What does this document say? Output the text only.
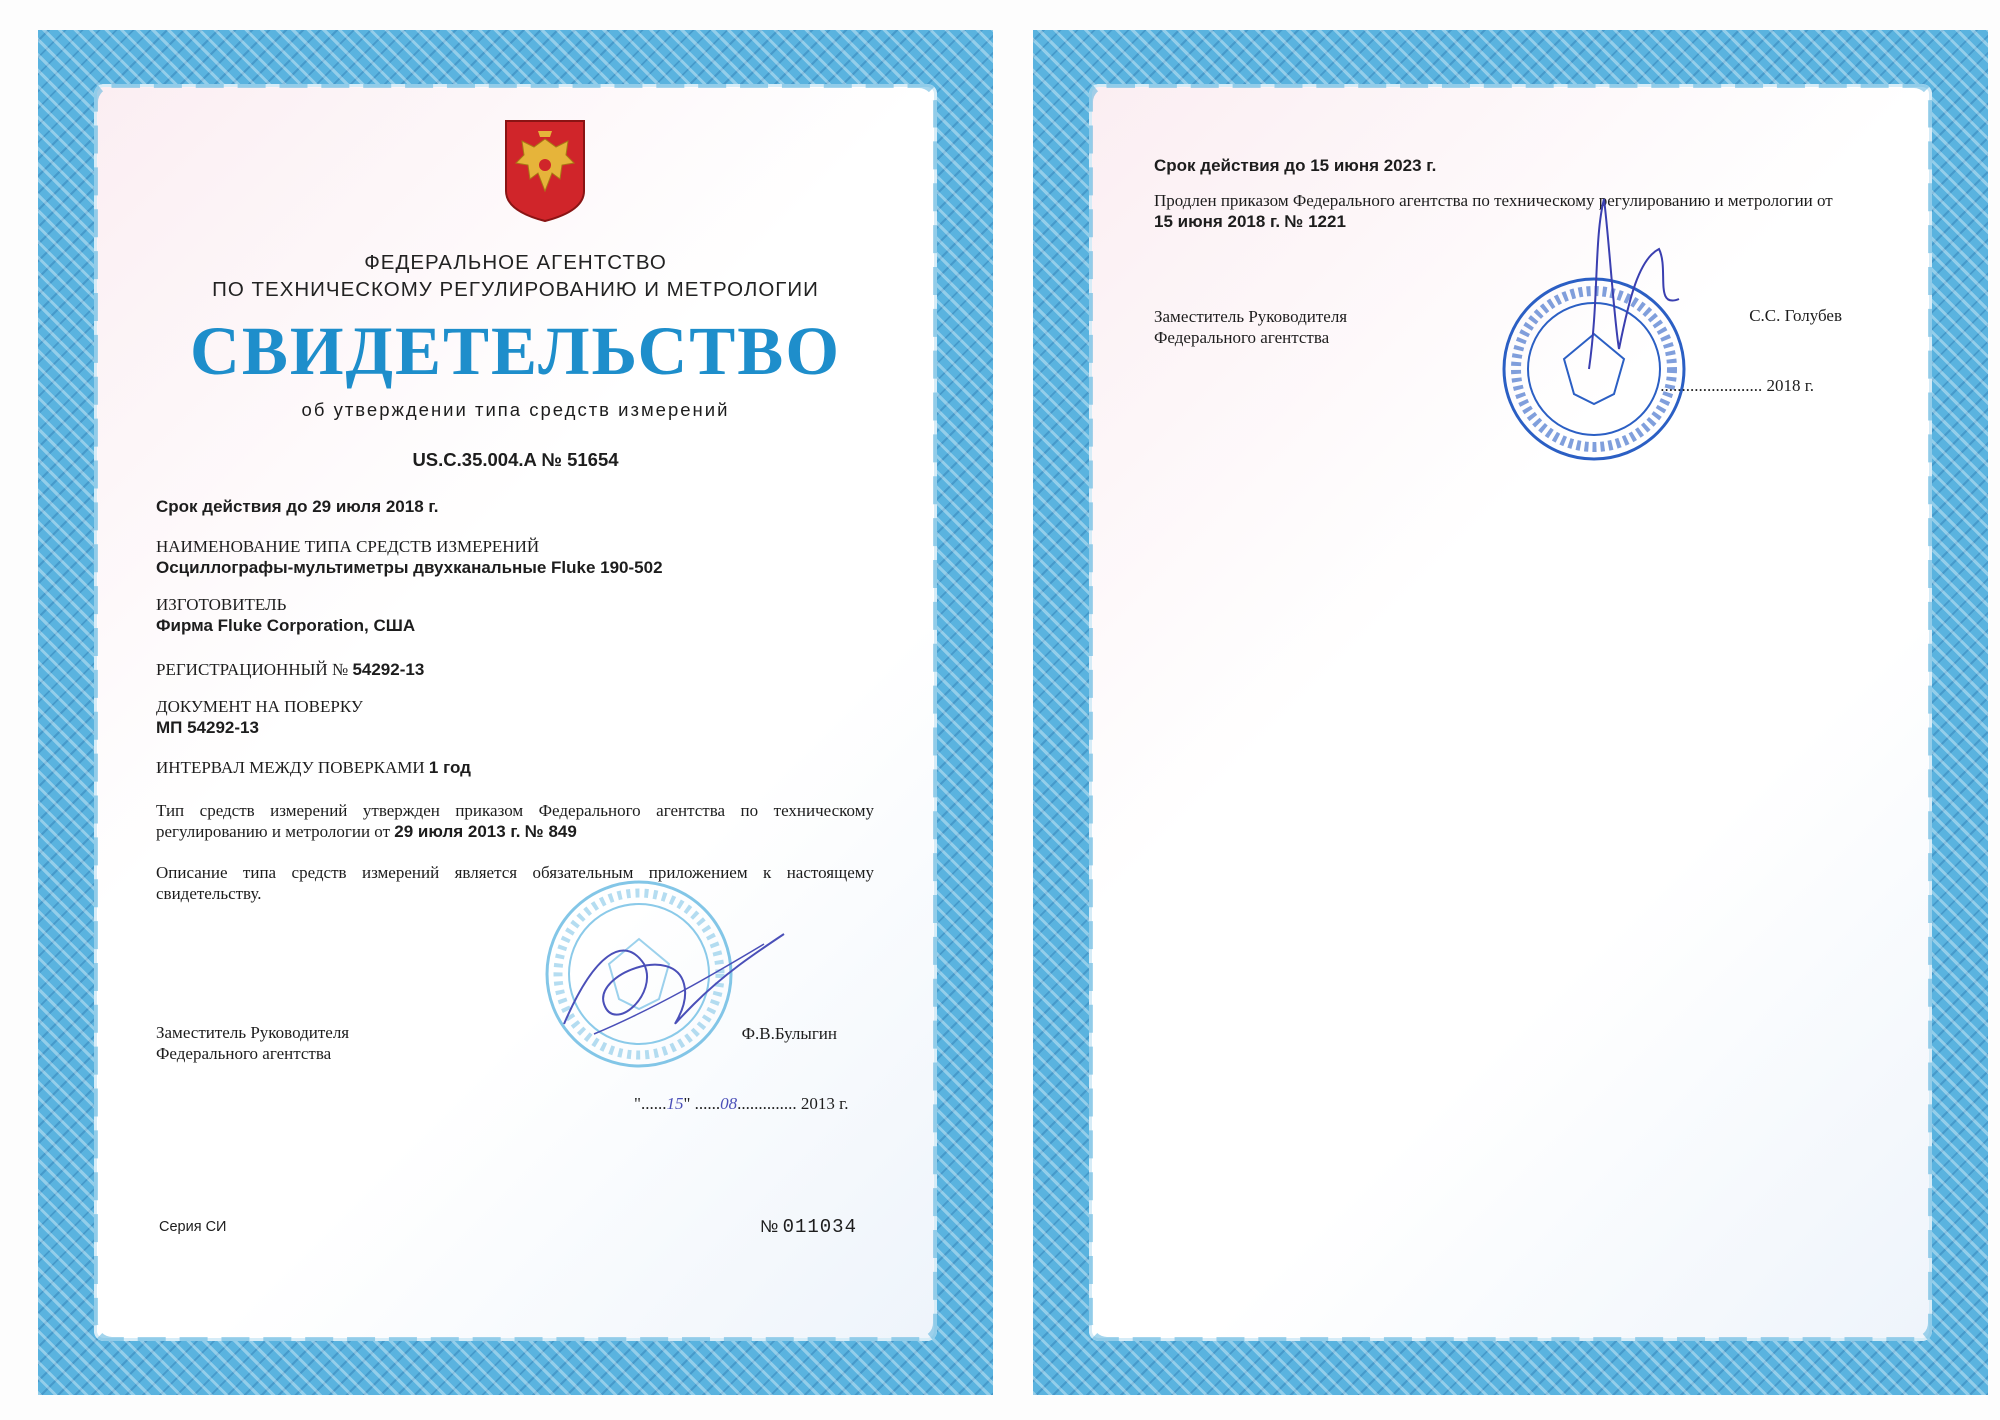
ФЕДЕРАЛЬНОЕ АГЕНТСТВО
ПО ТЕХНИЧЕСКОМУ РЕГУЛИРОВАНИЮ И МЕТРОЛОГИИ
СВИДЕТЕЛЬСТВО
об утверждении типа средств измерений
US.C.35.004.A № 51654
Срок действия до 29 июля 2018 г.
НАИМЕНОВАНИЕ ТИПА СРЕДСТВ ИЗМЕРЕНИЙ
Осциллографы-мультиметры двухканальные Fluke 190-502
ИЗГОТОВИТЕЛЬ
Фирма Fluke Corporation, США
РЕГИСТРАЦИОННЫЙ № 54292-13
ДОКУМЕНТ НА ПОВЕРКУ
МП 54292-13
ИНТЕРВАЛ МЕЖДУ ПОВЕРКАМИ 1 год
Тип средств измерений утвержден приказом Федерального агентства по техническому регулированию и метрологии от 29 июля 2013 г. № 849
Описание типа средств измерений является обязательным приложением к настоящему свидетельству.
Заместитель Руководителя
Федерального агентства
Ф.В.Булыгин
"......15" ......08.............. 2013 г.
Серия СИ	№ 011034
Срок действия до 15 июня 2023 г.
Продлен приказом Федерального агентства по техническому регулированию и метрологии от 15 июня 2018 г. № 1221
Заместитель Руководителя
Федерального агентства
С.С. Голубев
........................ 2018 г.
